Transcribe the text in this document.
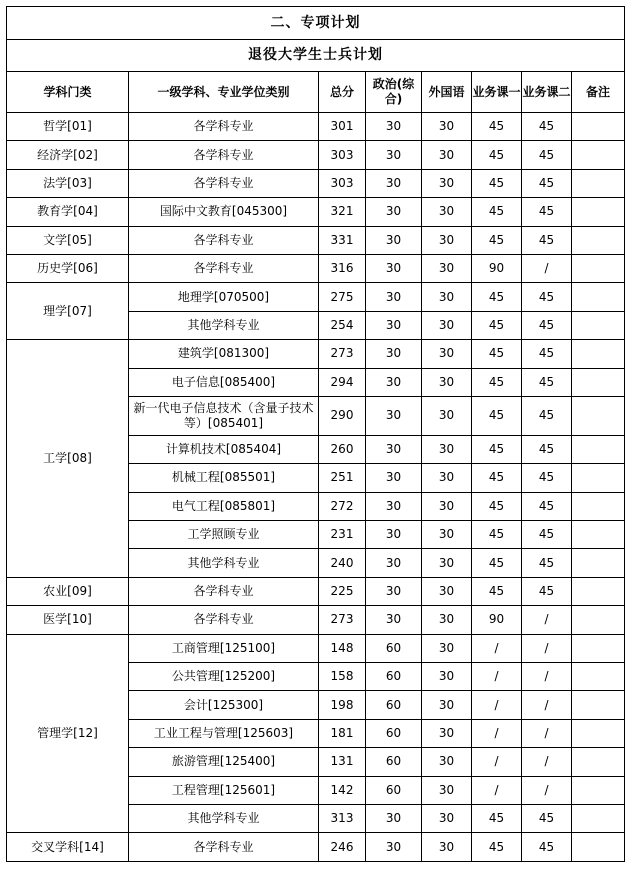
二、专项计划							
退役大学生士兵计划							
学科门类	一级学科、专业学位类别	总分	政治(综合)	外国语	业务课一	业务课二	备注
哲学[01]	各学科专业	301	30	30	45	45	
经济学[02]	各学科专业	303	30	30	45	45	
法学[03]	各学科专业	303	30	30	45	45	
教育学[04]	国际中文教育[045300]	321	30	30	45	45	
文学[05]	各学科专业	331	30	30	45	45	
历史学[06]	各学科专业	316	30	30	90	/	
理学[07]	地理学[070500]	275	30	30	45	45	
	其他学科专业	254	30	30	45	45	
工学[08]	建筑学[081300]	273	30	30	45	45	
	电子信息[085400]	294	30	30	45	45	
	新一代电子信息技术（含量子技术等）[085401]	290	30	30	45	45	
	计算机技术[085404]	260	30	30	45	45	
	机械工程[085501]	251	30	30	45	45	
	电气工程[085801]	272	30	30	45	45	
	工学照顾专业	231	30	30	45	45	
	其他学科专业	240	30	30	45	45	
农业[09]	各学科专业	225	30	30	45	45	
医学[10]	各学科专业	273	30	30	90	/	
管理学[12]	工商管理[125100]	148	60	30	/	/	
	公共管理[125200]	158	60	30	/	/	
	会计[125300]	198	60	30	/	/	
	工业工程与管理[125603]	181	60	30	/	/	
	旅游管理[125400]	131	60	30	/	/	
	工程管理[125601]	142	60	30	/	/	
	其他学科专业	313	30	30	45	45	
交叉学科[14]	各学科专业	246	30	30	45	45	
